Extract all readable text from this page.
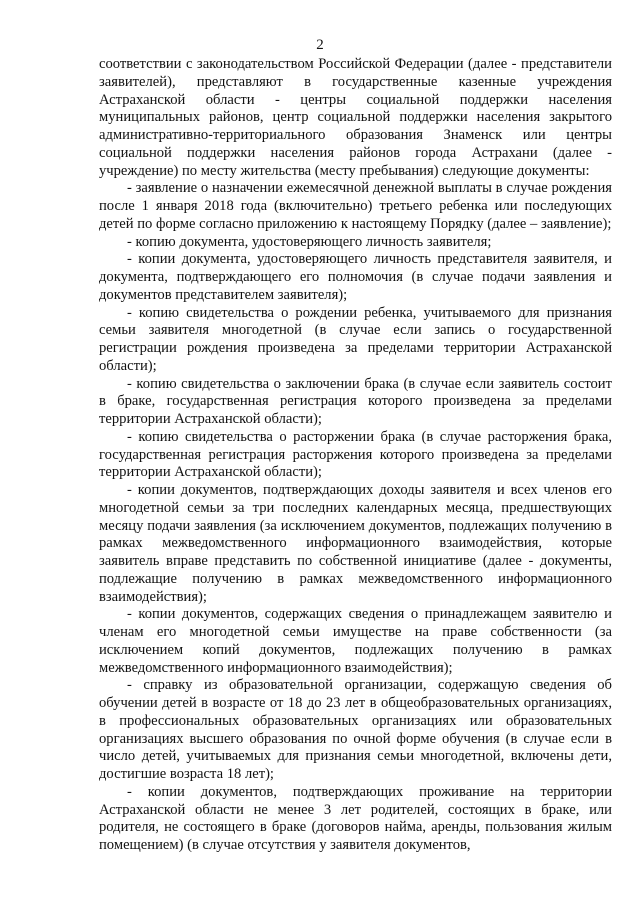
2

соответствии с законодательством Российской Федерации (далее - представители заявителей), представляют в государственные казенные учреждения Астраханской области - центры социальной поддержки населения муниципальных районов, центр социальной поддержки населения закрытого административно-территориального образования Знаменск или центры социальной поддержки населения районов города Астрахани (далее - учреждение) по месту жительства (месту пребывания) следующие документы:

- заявление о назначении ежемесячной денежной выплаты в случае рождения после 1 января 2018 года (включительно) третьего ребенка или последующих детей по форме согласно приложению к настоящему Порядку (далее – заявление);

- копию документа, удостоверяющего личность заявителя;

- копии документа, удостоверяющего личность представителя заявителя, и документа, подтверждающего его полномочия (в случае подачи заявления и документов представителем заявителя);

- копию свидетельства о рождении ребенка, учитываемого для признания семьи заявителя многодетной (в случае если запись о государственной регистрации рождения произведена за пределами территории Астраханской области);

- копию свидетельства о заключении брака (в случае если заявитель состоит в браке, государственная регистрация которого произведена за пределами территории Астраханской области);

- копию свидетельства о расторжении брака (в случае расторжения брака, государственная регистрация расторжения которого произведена за пределами территории Астраханской области);

- копии документов, подтверждающих доходы заявителя и всех членов его многодетной семьи за три последних календарных месяца, предшествующих месяцу подачи заявления (за исключением документов, подлежащих получению в рамках межведомственного информационного взаимодействия, которые заявитель вправе представить по собственной инициативе (далее - документы, подлежащие получению в рамках межведомственного информационного взаимодействия);

- копии документов, содержащих сведения о принадлежащем заявителю и членам его многодетной семьи имуществе на праве собственности (за исключением копий документов, подлежащих получению в рамках межведомственного информационного взаимодействия);

- справку из образовательной организации, содержащую сведения об обучении детей в возрасте от 18 до 23 лет в общеобразовательных организациях, в профессиональных образовательных организациях или образовательных организациях высшего образования по очной форме обучения (в случае если в число детей, учитываемых для признания семьи многодетной, включены дети, достигшие возраста 18 лет);

- копии документов, подтверждающих проживание на территории Астраханской области не менее 3 лет родителей, состоящих в браке, или родителя, не состоящего в браке (договоров найма, аренды, пользования жилым помещением) (в случае отсутствия у заявителя документов,
